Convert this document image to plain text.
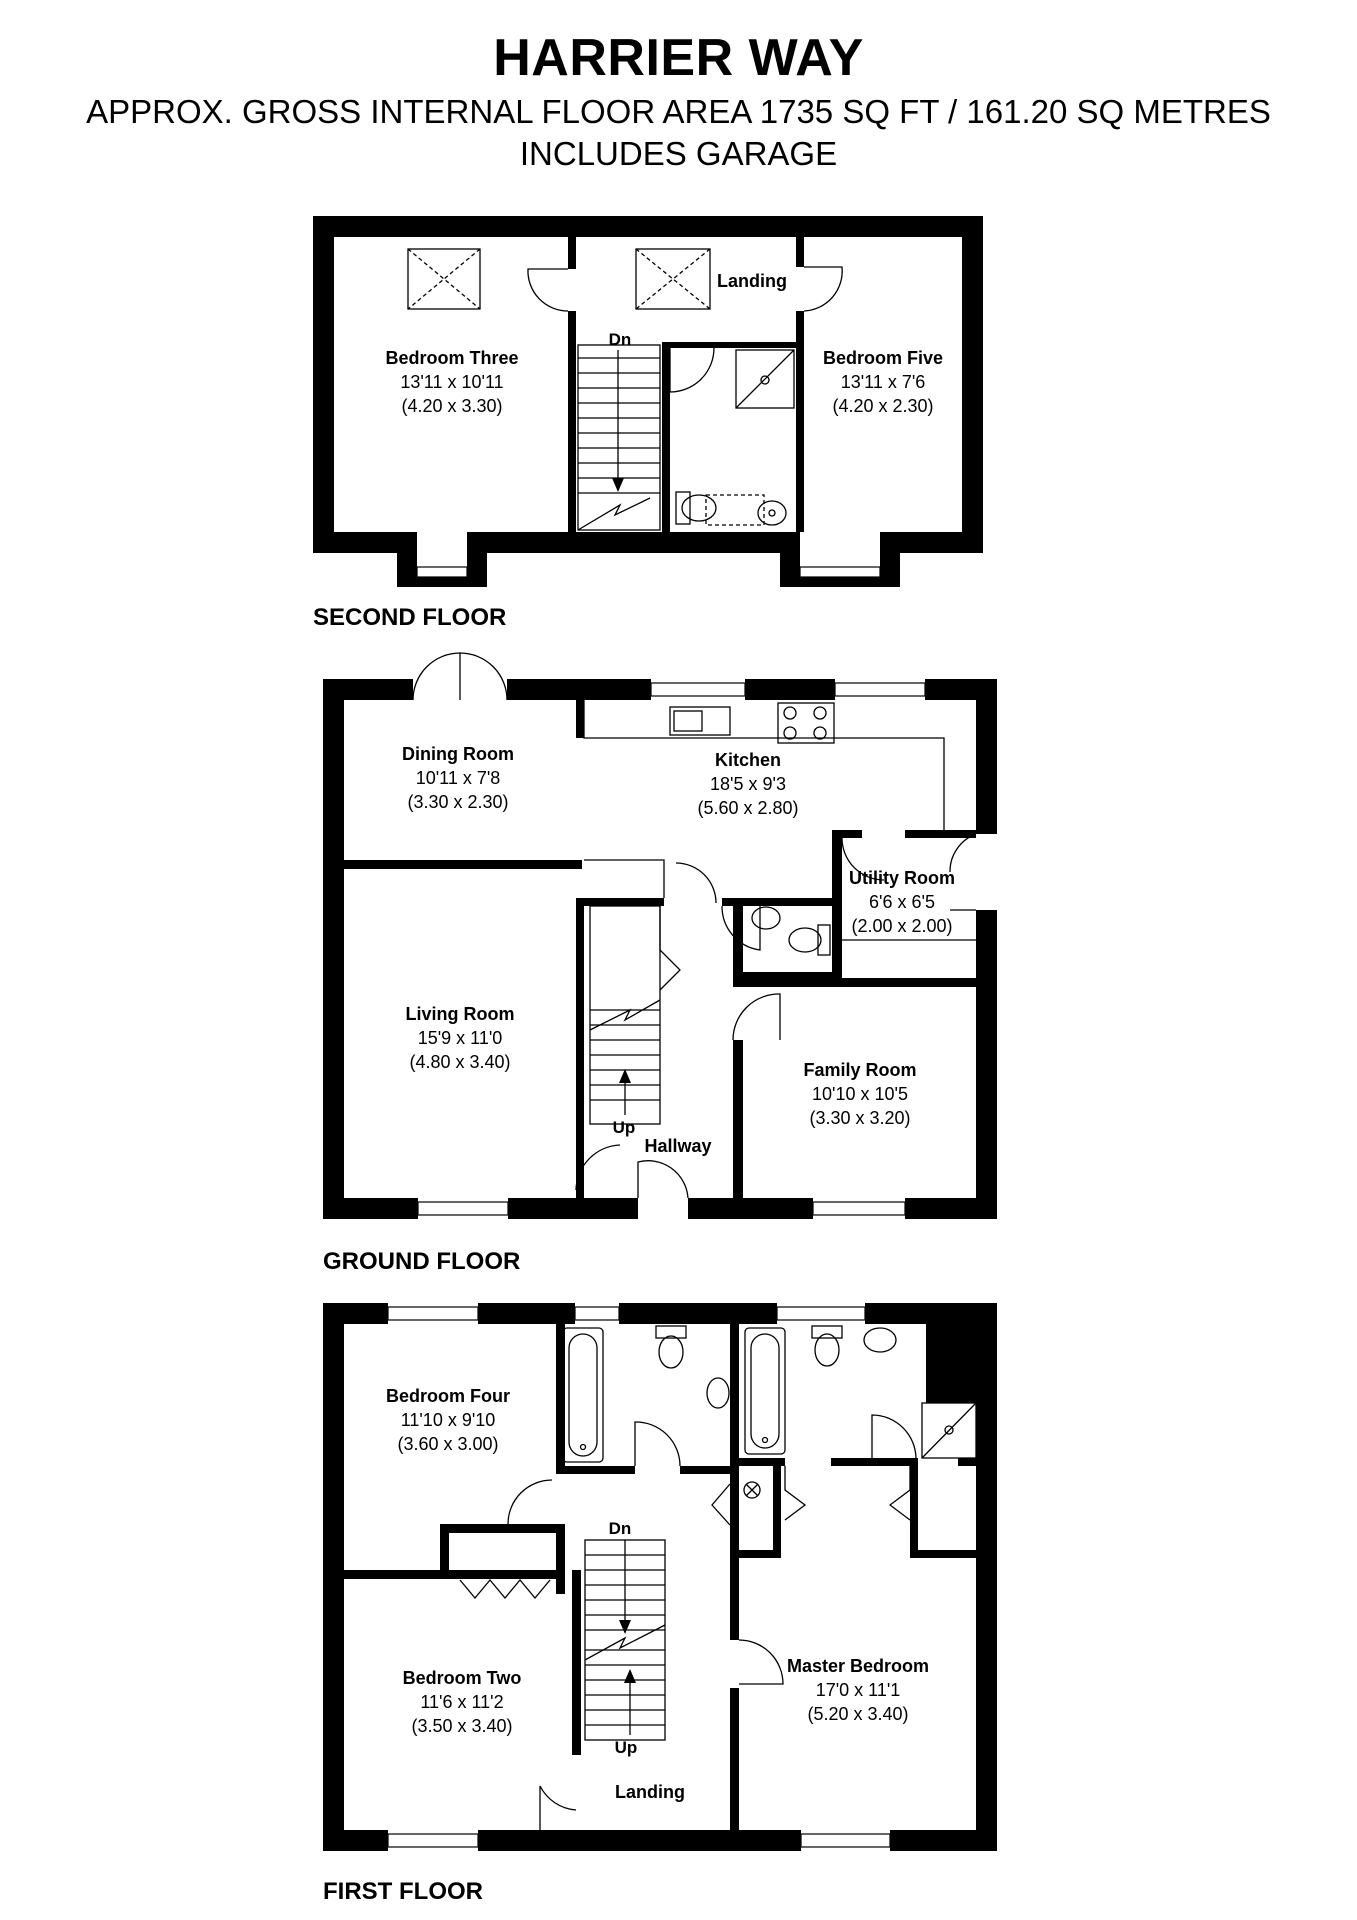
HARRIER WAY
APPROX. GROSS INTERNAL FLOOR AREA 1735 SQ FT / 161.20 SQ METRES
INCLUDES GARAGE
Bedroom Three
13'11 x 10'11
(4.20 x 3.30)
Bedroom Five
13'11 x 7'6
(4.20 x 2.30)
Landing
Dn
Dining Room
10'11 x 7'8
(3.30 x 2.30)
Kitchen
18'5 x 9'3
(5.60 x 2.80)
Utility Room
6'6 x 6'5
(2.00 x 2.00)
Living Room
15'9 x 11'0
(4.80 x 3.40)	Family Room
10'10 x 10'5
(3.30 x 3.20)
Hallway
Up
Bedroom Four
11'10 x 9'10
(3.60 x 3.00)
Bedroom Two
11'6 x 11'2
(3.50 x 3.40)
Master Bedroom
17'0 x 11'1
(5.20 x 3.40)
Landing
Up
Dn
SECOND FLOOR
GROUND FLOOR
FIRST FLOOR
